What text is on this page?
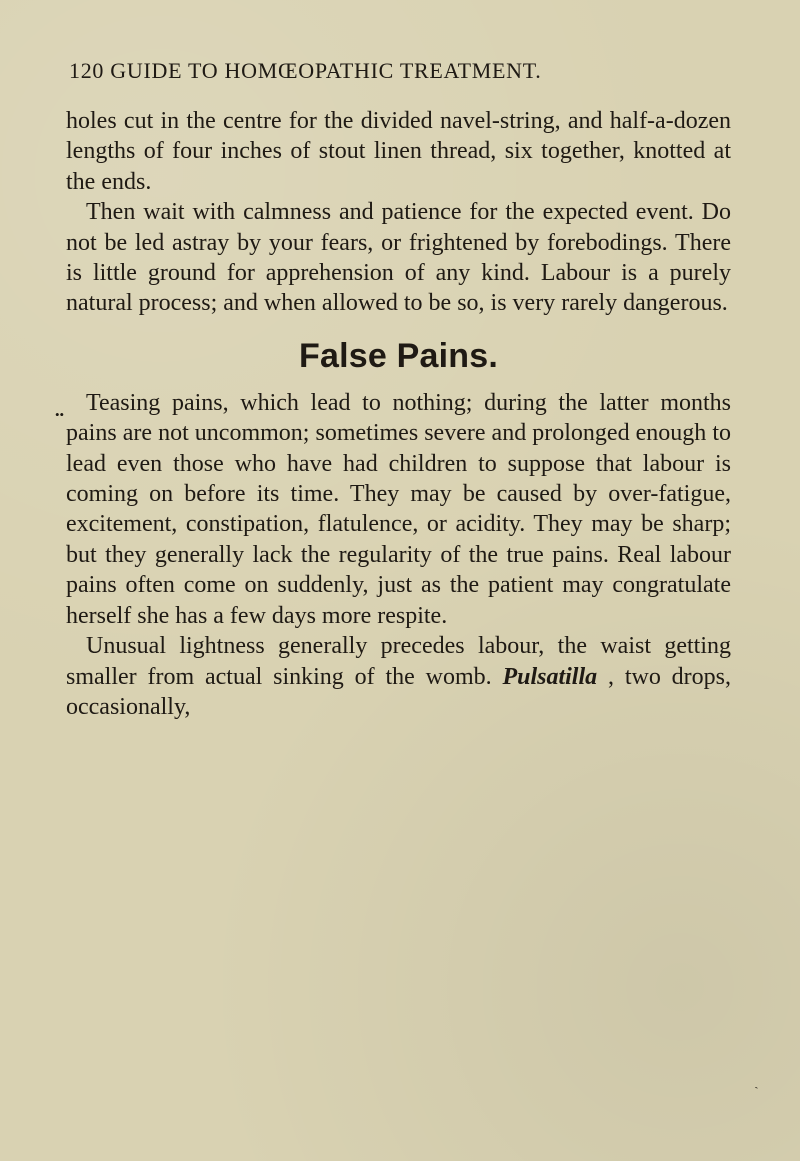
120 GUIDE TO HOMŒOPATHIC TREATMENT.

holes cut in the centre for the divided navel-string, and half-a-dozen lengths of four inches of stout linen thread, six together, knotted at the ends.

Then wait with calmness and patience for the expected event. Do not be led astray by your fears, or frightened by forebodings. There is little ground for apprehension of any kind. Labour is a purely natural process; and when allowed to be so, is very rarely dangerous.

False Pains.

Teasing pains, which lead to nothing; during the latter months pains are not uncommon; sometimes severe and prolonged enough to lead even those who have had children to suppose that labour is coming on before its time. They may be caused by over-fatigue, excitement, constipation, flatulence, or acidity. They may be sharp; but they generally lack the regularity of the true pains. Real labour pains often come on suddenly, just as the patient may congratulate herself she has a few days more respite.

Unusual lightness generally precedes labour, the waist getting smaller from actual sinking of the womb. Pulsatilla , two drops, occasionally,

••
`
